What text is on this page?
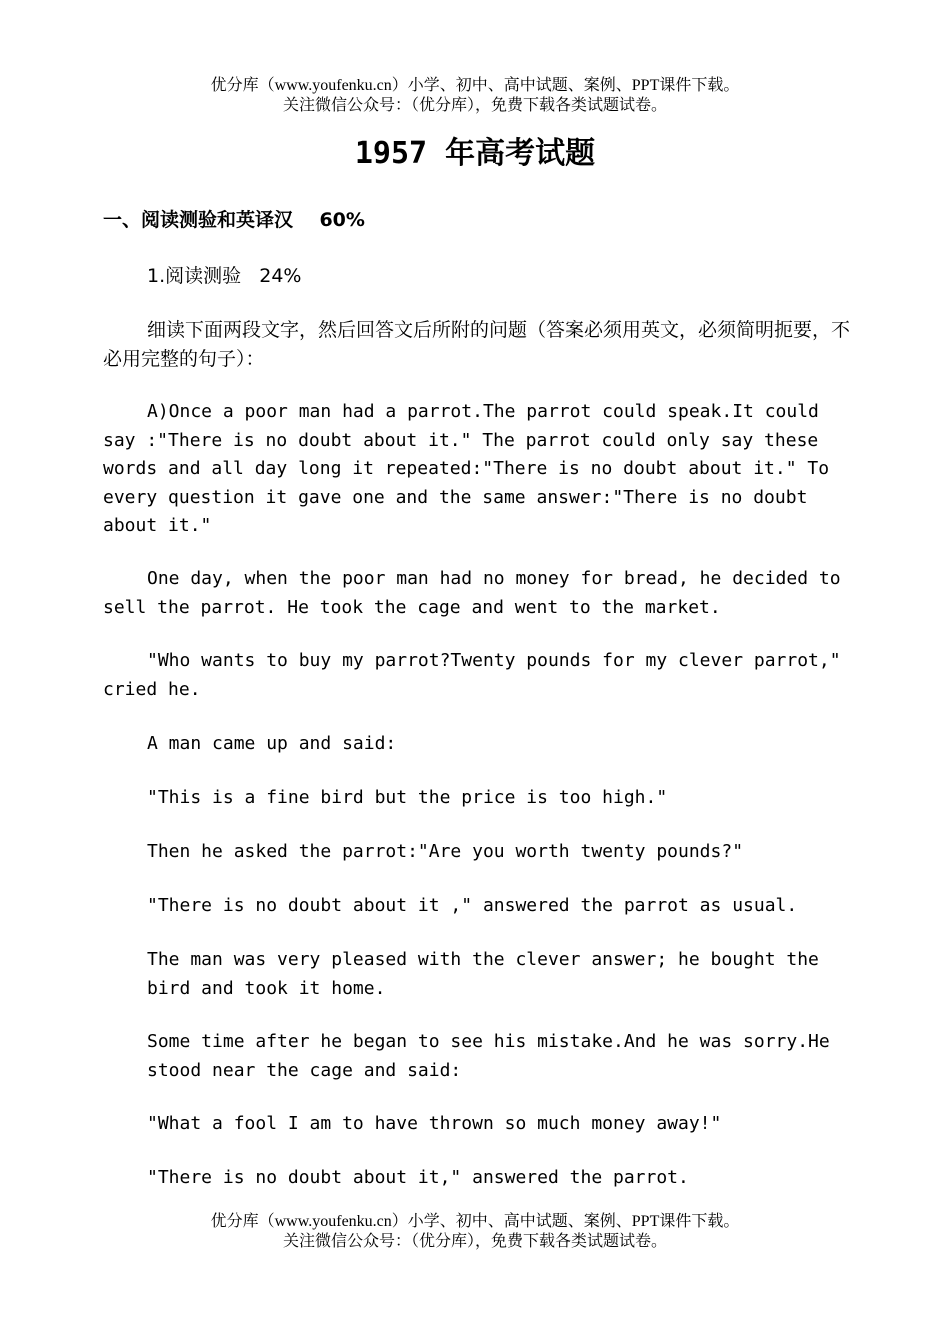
优分库（www.youfenku.cn）小学、初中、高中试题、案例、PPT课件下载。
关注微信公众号：（优分库），免费下载各类试题试卷。
1957 年高考试题
一、阅读测验和英译汉    60%

1.阅读测验   24%

细读下面两段文字，然后回答文后所附的问题（答案必须用英文，必须简明扼要，不必用完整的句子）：

A)Once a poor man had a parrot.The parrot could speak.It could say :"There is no doubt about it." The parrot could only say these words and all day long it repeated:"There is no doubt about it." To every question it gave one and the same answer:"There is no doubt about it."

One day, when the poor man had no money for bread, he decided to sell the parrot. He took the cage and went to the market.

"Who wants to buy my parrot?Twenty pounds for my clever parrot," cried he.

A man came up and said:

"This is a fine bird but the price is too high."

Then he asked the parrot:"Are you worth twenty pounds?"

"There is no doubt about it ," answered the parrot as usual.

The man was very pleased with the clever answer; he bought the bird and took it home.

Some time after he began to see his mistake.And he was sorry.He stood near the cage and said:

"What a fool I am to have thrown so much money away!"

"There is no doubt about it," answered the parrot.

优分库（www.youfenku.cn）小学、初中、高中试题、案例、PPT课件下载。
关注微信公众号：（优分库），免费下载各类试题试卷。
